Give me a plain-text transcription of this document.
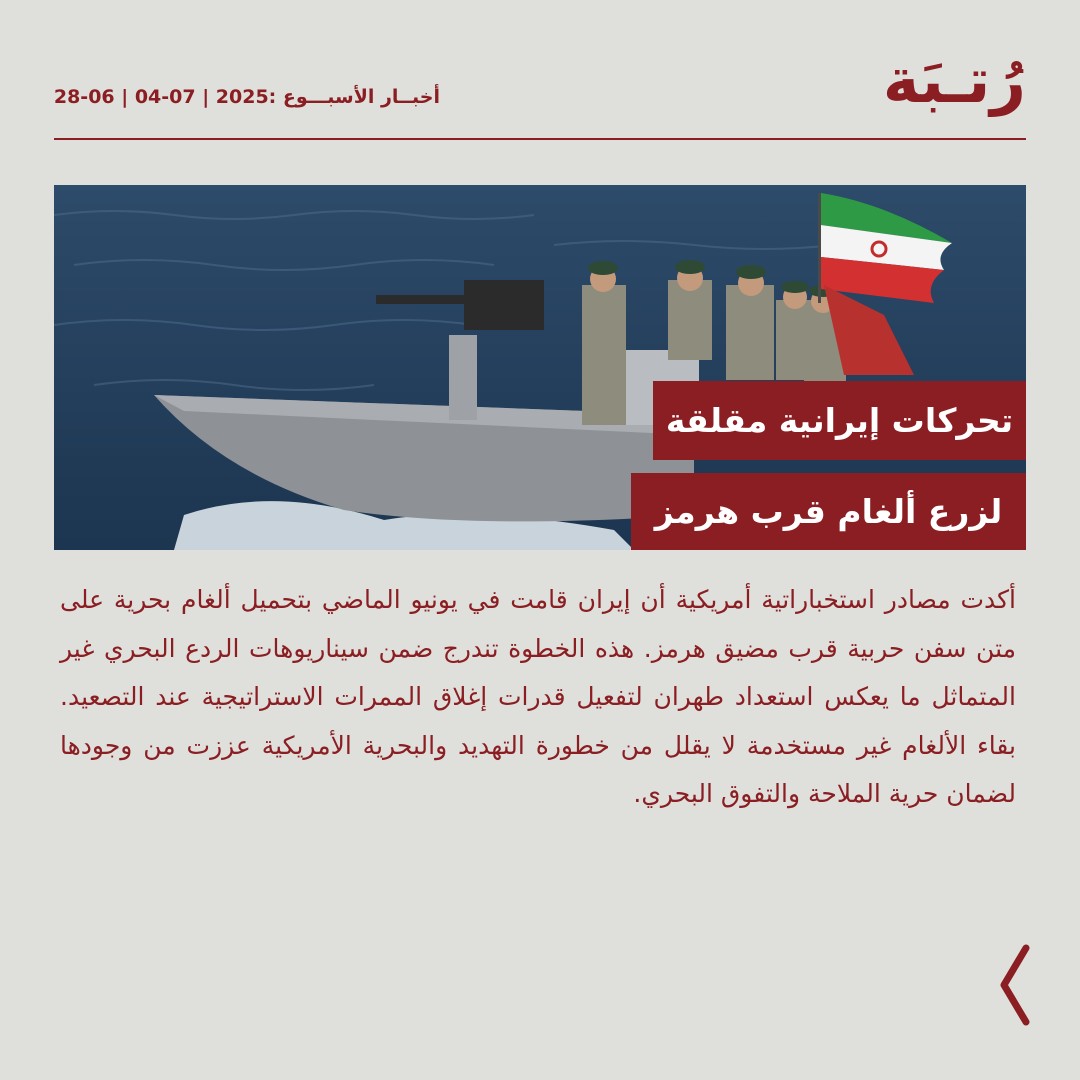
رُتـبَة
أخبــار الأسبـــوع :2025 | 07-04 | 06-28
تحركات إيرانية مقلقة
لزرع ألغام قرب هرمز
أكدت مصادر استخباراتية أمريكية أن إيران قامت في يونيو الماضي بتحميل ألغام بحرية على متن سفن حربية قرب مضيق هرمز. هذه الخطوة تندرج ضمن سيناريوهات الردع البحري غير المتماثل ما يعكس استعداد طهران لتفعيل قدرات إغلاق الممرات الاستراتيجية عند التصعيد. بقاء الألغام غير مستخدمة لا يقلل من خطورة التهديد والبحرية الأمريكية عززت من وجودها لضمان حرية الملاحة والتفوق البحري.
